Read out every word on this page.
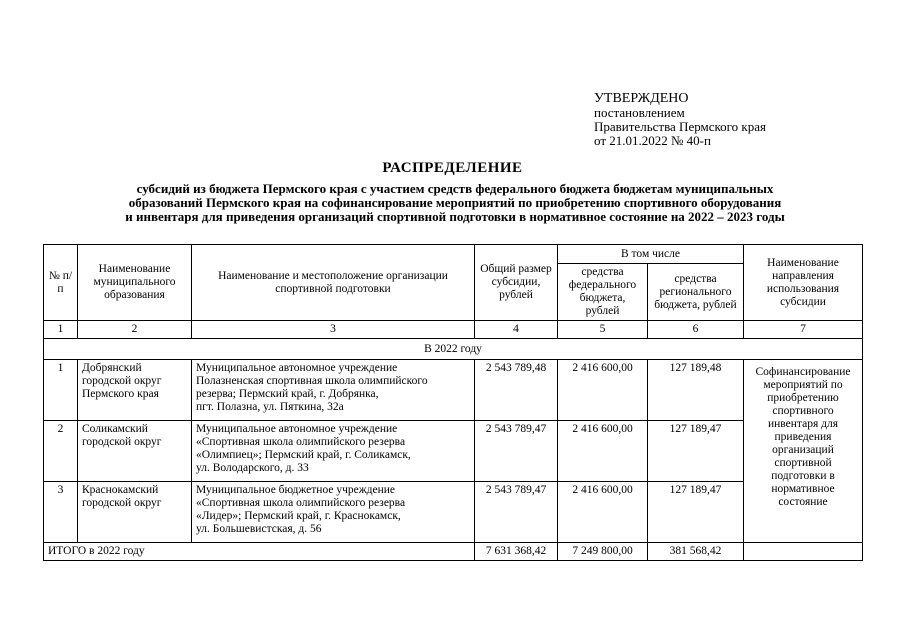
УТВЕРЖДЕНО
постановлением
Правительства Пермского края
от 21.01.2022 № 40-п
РАСПРЕДЕЛЕНИЕ
субсидий из бюджета Пермского края с участием средств федерального бюджета бюджетам муниципальных
образований Пермского края на софинансирование мероприятий по приобретению спортивного оборудования
и инвентаря для приведения организаций спортивной подготовки в нормативное состояние на 2022 – 2023 годы
№ п/п	Наименование муниципального образования	Наименование и местоположение организации спортивной подготовки	Общий размер субсидии, рублей	В том числе		Наименование направления использования субсидии
				средства федерального бюджета, рублей	средства регионального бюджета, рублей	
1	2	3	4	5	6	7
В 2022 году						
1	Добрянский городской округ Пермского края	Муниципальное автономное учреждение
Полазненская спортивная школа олимпийского
резерва; Пермский край, г. Добрянка,
пгт. Полазна, ул. Пяткина, 32а	2 543 789,48	2 416 600,00	127 189,48	Софинансирование мероприятий по приобретению спортивного инвентаря для приведения организаций спортивной подготовки в нормативное состояние
2	Соликамский городской округ	Муниципальное автономное учреждение
«Спортивная школа олимпийского резерва
«Олимпиец»; Пермский край, г. Соликамск,
ул. Володарского, д. 33	2 543 789,47	2 416 600,00	127 189,47	
3	Краснокамский городской округ	Муниципальное бюджетное учреждение
«Спортивная школа олимпийского резерва
«Лидер»; Пермский край, г. Краснокамск,
ул. Большевистская, д. 56	2 543 789,47	2 416 600,00	127 189,47	
ИТОГО в 2022 году			7 631 368,42	7 249 800,00	381 568,42	
